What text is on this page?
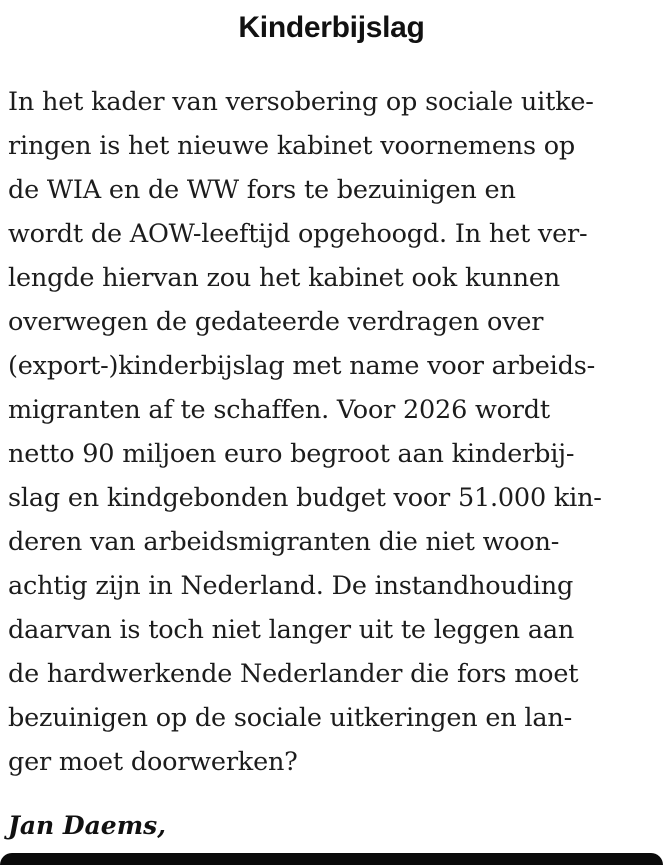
Kinderbijslag
In het kader van versobering op sociale uitke-
ringen is het nieuwe kabinet voornemens op
de WIA en de WW fors te bezuinigen en
wordt de AOW-leeftijd opgehoogd. In het ver-
lengde hiervan zou het kabinet ook kunnen
overwegen de gedateerde verdragen over
(export-)kinderbijslag met name voor arbeids-
migranten af te schaffen. Voor 2026 wordt
netto 90 miljoen euro begroot aan kinderbij-
slag en kindgebonden budget voor 51.000 kin-
deren van arbeidsmigranten die niet woon-
achtig zijn in Nederland. De instandhouding
daarvan is toch niet langer uit te leggen aan
de hardwerkende Nederlander die fors moet
bezuinigen op de sociale uitkeringen en lan-
ger moet doorwerken?
Jan Daems,
